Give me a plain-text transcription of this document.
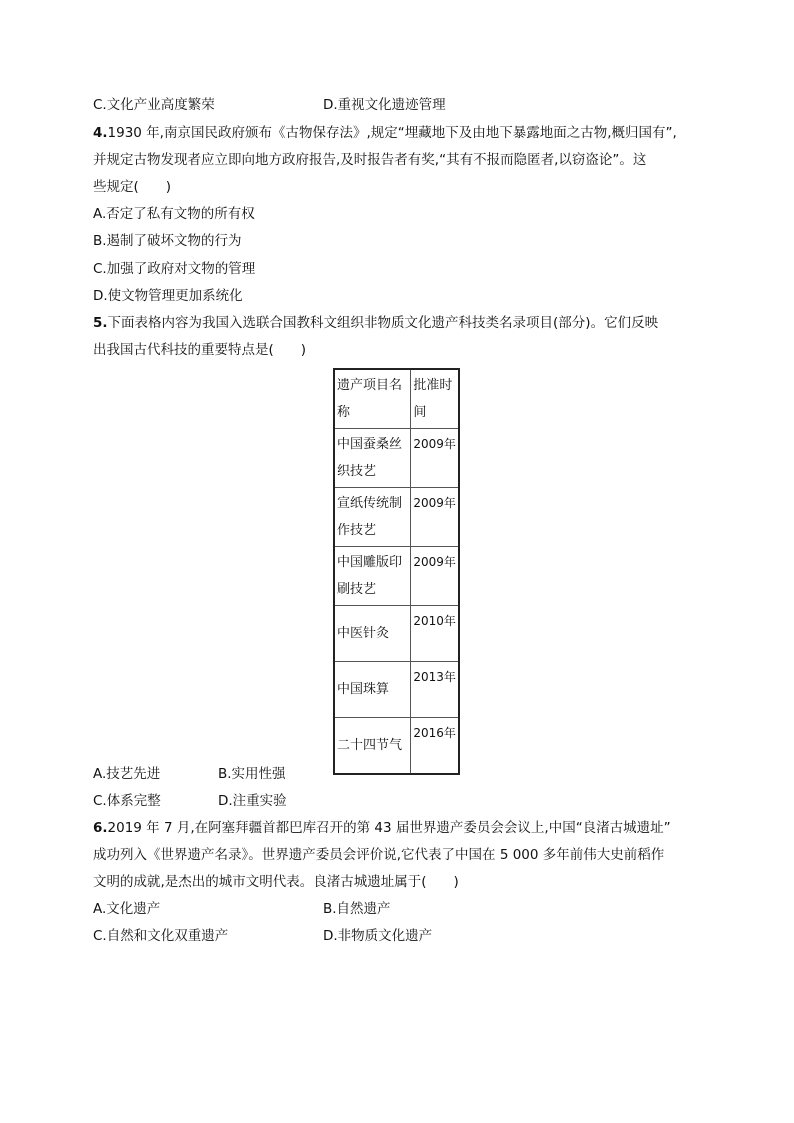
C.文化产业高度繁荣	D.重视文化遗迹管理
4.1930 年,南京国民政府颁布《古物保存法》,规定“埋藏地下及由地下暴露地面之古物,概归国有”,
并规定古物发现者应立即向地方政府报告,及时报告者有奖,“其有不报而隐匿者,以窃盗论”。这
些规定(　　)
A.否定了私有文物的所有权
B.遏制了破坏文物的行为
C.加强了政府对文物的管理
D.使文物管理更加系统化
5.下面表格内容为我国入选联合国教科文组织非物质文化遗产科技类名录项目(部分)。它们反映
出我国古代科技的重要特点是(　　)
遗产项目名称	批准时间
中国蚕桑丝织技艺	2009年
宣纸传统制作技艺	2009年
中国雕版印刷技艺	2009年
中医针灸	2010年
中国珠算	2013年
二十四节气	2016年
A.技艺先进	B.实用性强
C.体系完整	D.注重实验
6.2019 年 7 月,在阿塞拜疆首都巴库召开的第 43 届世界遗产委员会会议上,中国“良渚古城遗址”
成功列入《世界遗产名录》。世界遗产委员会评价说,它代表了中国在 5 000 多年前伟大史前稻作
文明的成就,是杰出的城市文明代表。良渚古城遗址属于(　　)
A.文化遗产	B.自然遗产
C.自然和文化双重遗产	D.非物质文化遗产
